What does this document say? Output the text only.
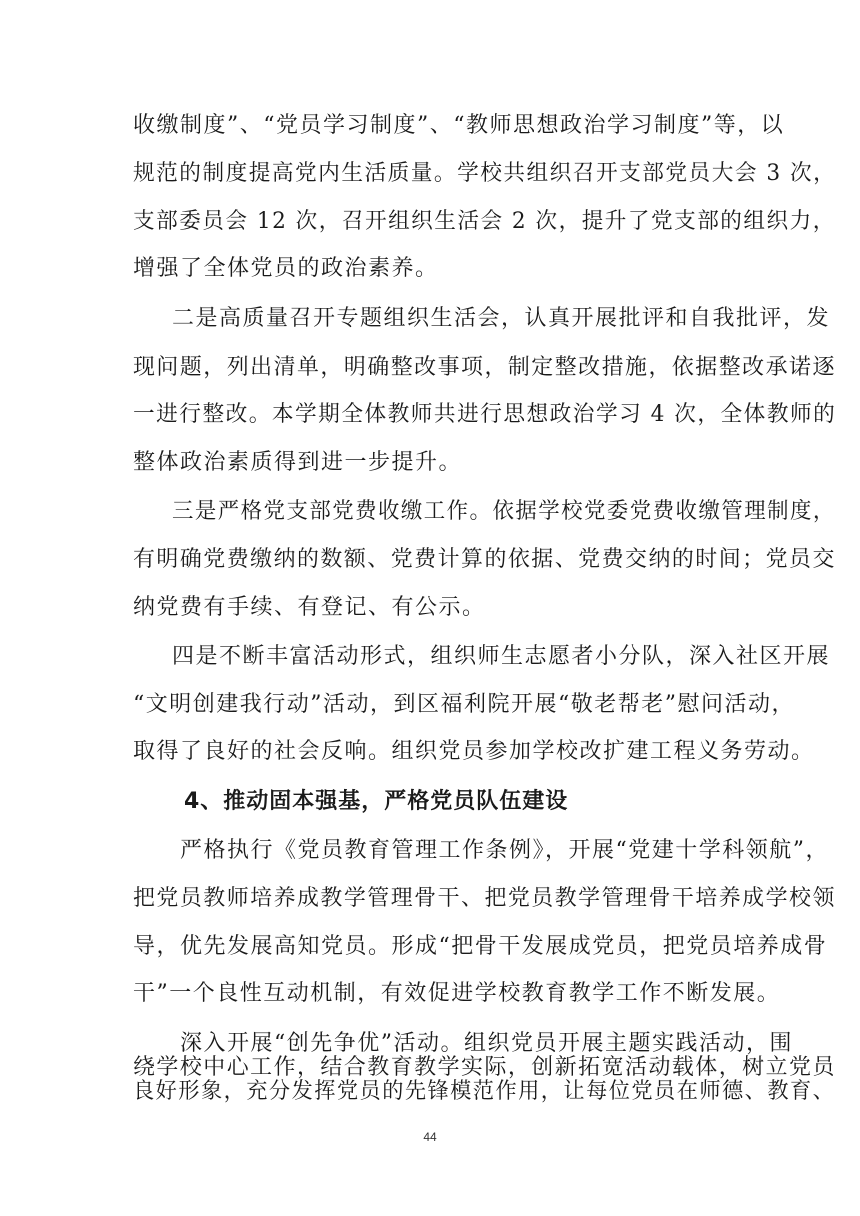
收缴制度”、“党员学习制度”、“教师思想政治学习制度”等，以
规范的制度提高党内生活质量。学校共组织召开支部党员大会 3 次，
支部委员会 12 次，召开组织生活会 2 次，提升了党支部的组织力，
增强了全体党员的政治素养。
二是高质量召开专题组织生活会，认真开展批评和自我批评，发
现问题，列出清单，明确整改事项，制定整改措施，依据整改承诺逐
一进行整改。本学期全体教师共进行思想政治学习 4 次，全体教师的
整体政治素质得到进一步提升。
三是严格党支部党费收缴工作。依据学校党委党费收缴管理制度，
有明确党费缴纳的数额、党费计算的依据、党费交纳的时间；党员交
纳党费有手续、有登记、有公示。
四是不断丰富活动形式，组织师生志愿者小分队，深入社区开展
“文明创建我行动”活动，到区福利院开展“敬老帮老”慰问活动，
取得了良好的社会反响。组织党员参加学校改扩建工程义务劳动。
4、推动固本强基，严格党员队伍建设
严格执行《党员教育管理工作条例》，开展“党建十学科领航”，
把党员教师培养成教学管理骨干、把党员教学管理骨干培养成学校领
导，优先发展高知党员。形成“把骨干发展成党员，把党员培养成骨
干”一个良性互动机制，有效促进学校教育教学工作不断发展。
深入开展“创先争优”活动。组织党员开展主题实践活动，围
绕学校中心工作，结合教育教学实际，创新拓宽活动载体，树立党员
良好形象，充分发挥党员的先锋模范作用，让每位党员在师德、教育、
44
